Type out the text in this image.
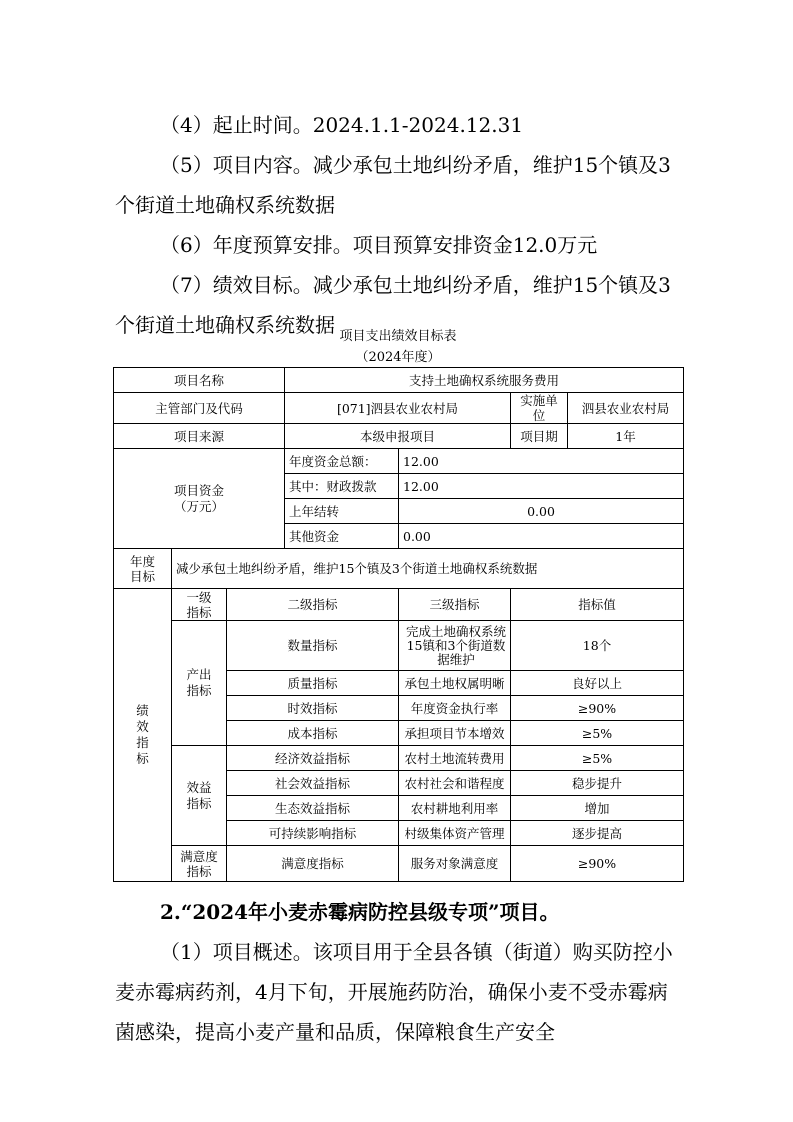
（4）起止时间。2024.1.1-2024.12.31

（5）项目内容。减少承包土地纠纷矛盾，维护15个镇及3个街道土地确权系统数据

（6）年度预算安排。项目预算安排资金12.0万元

（7）绩效目标。减少承包土地纠纷矛盾，维护15个镇及3个街道土地确权系统数据 项目支出绩效目标表
（2024年度）
项目名称			支持土地确权系统服务费用			
主管部门及代码			[071]泗县农业农村局		实施单位	泗县农业农村局
项目来源			本级申报项目		项目期	1年
项目资金（万元）			年度资金总额：	12.00		
			其中：财政拨款	12.00		
			上年结转	0.00		
			其他资金	0.00		
年度目标	减少承包土地纠纷矛盾，维护15个镇及3个街道土地确权系统数据					
绩效指标	一级指标	二级指标		三级指标	指标值	
	产出指标	数量指标		完成土地确权系统15镇和3个街道数据维护	18个	
		质量指标		承包土地权属明晰	良好以上	
		时效指标		年度资金执行率	≥90%	
		成本指标		承担项目节本增效	≥5%	
	效益指标	经济效益指标		农村土地流转费用	≥5%	
		社会效益指标		农村社会和谐程度	稳步提升	
		生态效益指标		农村耕地利用率	增加	
		可持续影响指标		村级集体资产管理	逐步提高	
	满意度指标	满意度指标		服务对象满意度	≥90%	

2.“2024年小麦赤霉病防控县级专项”项目。

（1）项目概述。该项目用于全县各镇（街道）购买防控小麦赤霉病药剂，4月下旬，开展施药防治，确保小麦不受赤霉病菌感染，提高小麦产量和品质，保障粮食生产安全
